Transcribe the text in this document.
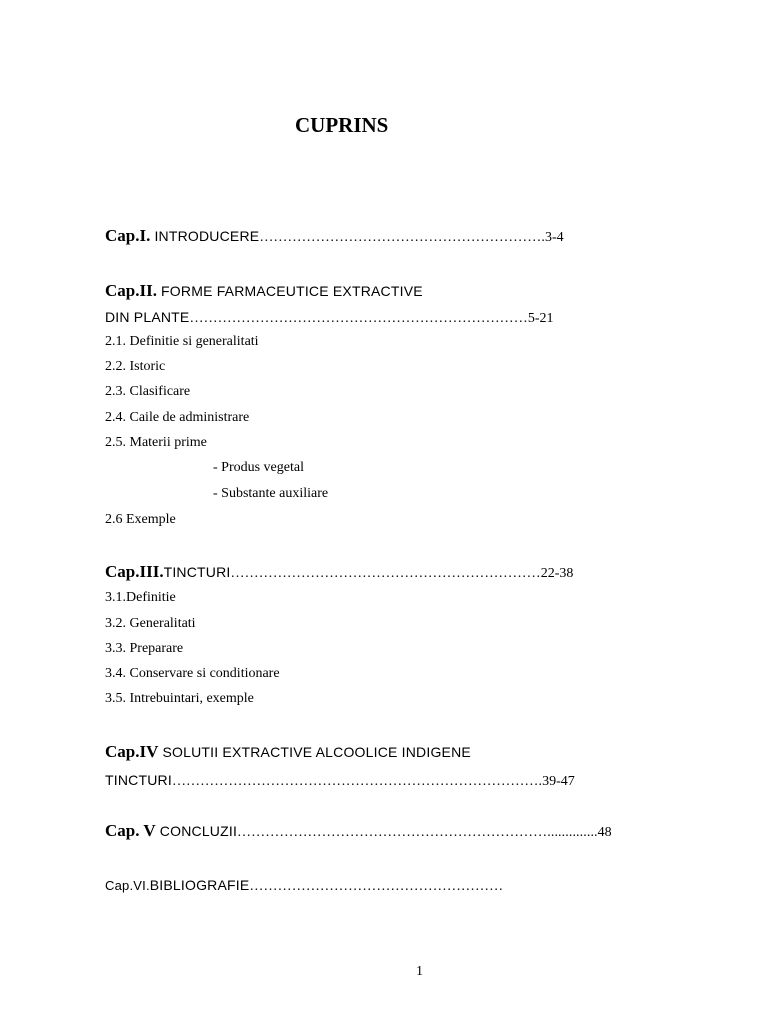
CUPRINS
Cap.I. INTRODUCERE…………………………………………………….3-4
Cap.II. FORME FARMACEUTICE EXTRACTIVE
DIN PLANTE………………………………………………………………5-21
2.1. Definitie si generalitati
2.2. Istoric
2.3. Clasificare
2.4. Caile de administrare
2.5. Materii prime
- Produs vegetal
- Substante auxiliare
2.6 Exemple
Cap.III.TINCTURI…………………………………………………………22-38
3.1.Definitie
3.2. Generalitati
3.3. Preparare
3.4. Conservare si conditionare
3.5. Intrebuintari, exemple
Cap.IV SOLUTII EXTRACTIVE ALCOOLICE INDIGENE
TINCTURI…………………………………………………………………….39-47
Cap. V CONCLUZII…………………………………………………………..............48
Cap.VI.BIBLIOGRAFIE………………………………………………
1
